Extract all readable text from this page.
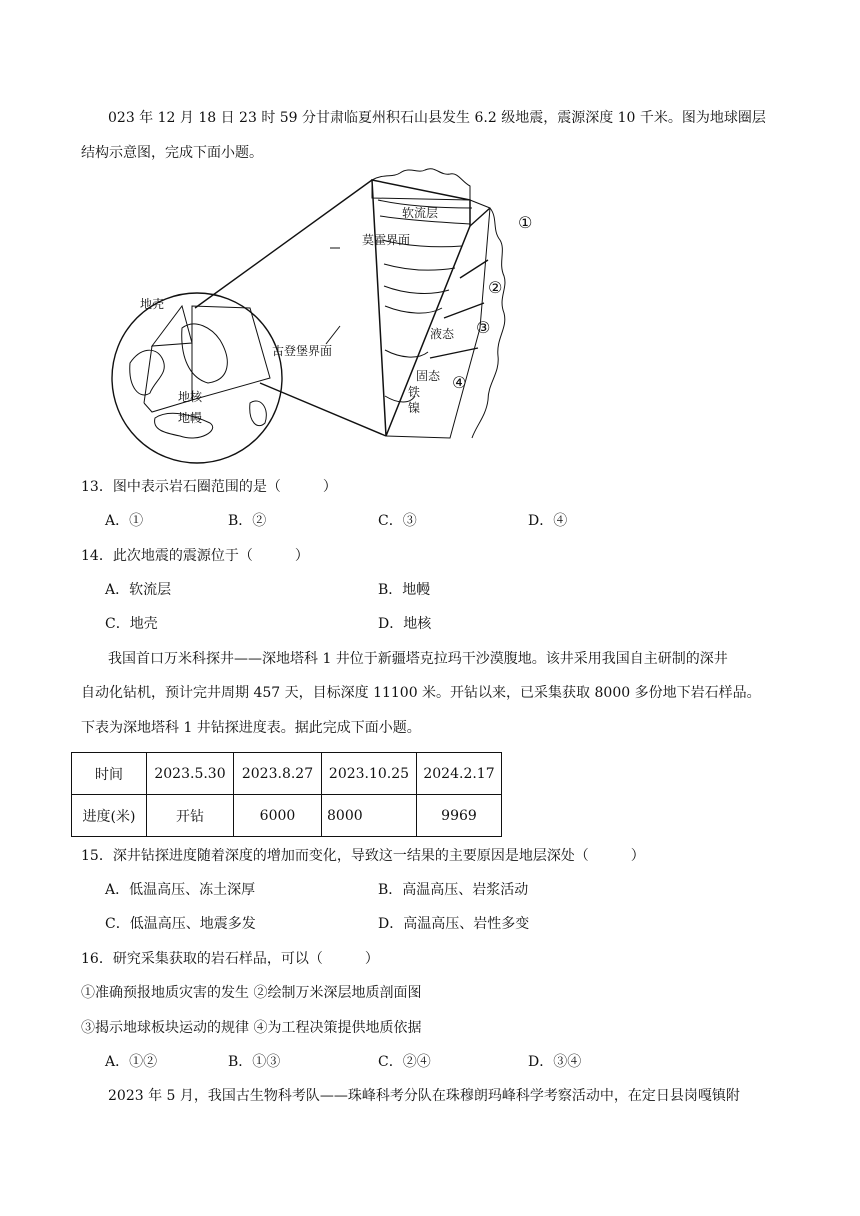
023 年 12 月 18 日 23 时 59 分甘肃临夏州积石山县发生 6.2 级地震，震源深度 10 千米。图为地球圈层
结构示意图，完成下面小题。
莫霍界面
古登堡界面
软流层
地壳
地核
地幔
液态
固态
铁
镍
①
②
③
④
13．图中表示岩石圈范围的是（　　　）
A．①	B．②	C．③	D．④
14．此次地震的震源位于（　　　）
A．软流层	B．地幔
C．地壳	D．地核
我国首口万米科探井——深地塔科 1 井位于新疆塔克拉玛干沙漠腹地。该井采用我国自主研制的深井
自动化钻机，预计完井周期 457 天，目标深度 11100 米。开钻以来，已采集获取 8000 多份地下岩石样品。
下表为深地塔科 1 井钻探进度表。据此完成下面小题。
时间	2023.5.30	2023.8.27	2023.10.25	2024.2.17
进度(米)	开钻	6000	8000	9969
15．深井钻探进度随着深度的增加而变化，导致这一结果的主要原因是地层深处（　　　）
A．低温高压、冻土深厚	B．高温高压、岩浆活动
C．低温高压、地震多发	D．高温高压、岩性多变
16．研究采集获取的岩石样品，可以（　　　）
①准确预报地质灾害的发生 ②绘制万米深层地质剖面图
③揭示地球板块运动的规律 ④为工程决策提供地质依据
A．①②	B．①③	C．②④	D．③④
2023 年 5 月，我国古生物科考队——珠峰科考分队在珠穆朗玛峰科学考察活动中，在定日县岗嘎镇附
